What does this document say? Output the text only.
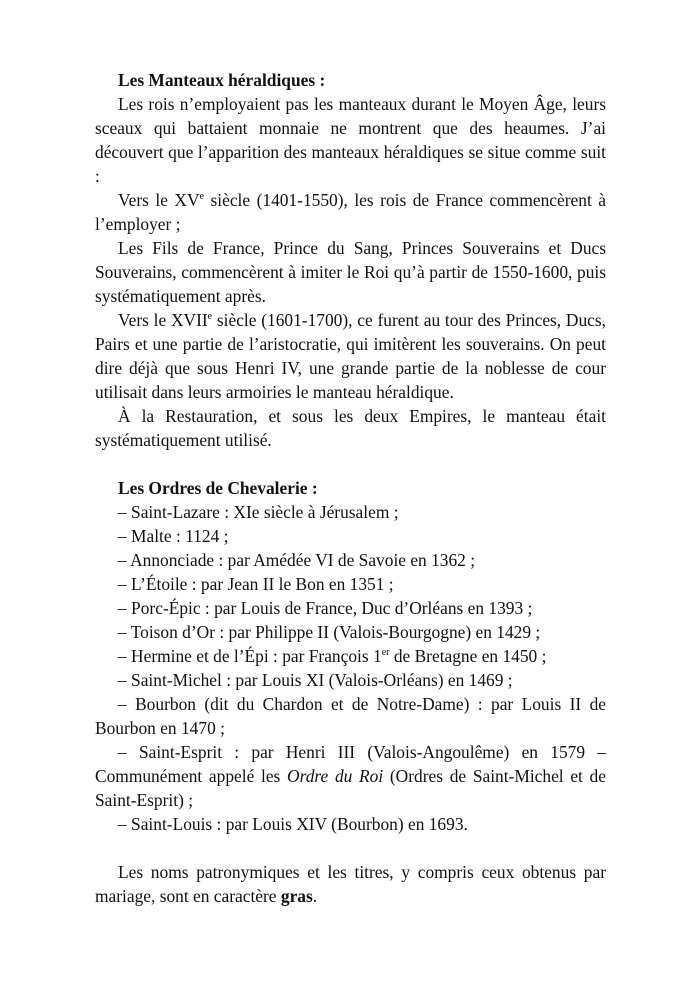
Les Manteaux héraldiques :

Les rois n’employaient pas les manteaux durant le Moyen Âge, leurs sceaux qui battaient monnaie ne montrent que des heaumes. J’ai découvert que l’apparition des manteaux héraldiques se situe comme suit :

Vers le XVe siècle (1401-1550), les rois de France commencèrent à l’employer ;

Les Fils de France, Prince du Sang, Princes Souverains et Ducs Souverains, commencèrent à imiter le Roi qu’à partir de 1550-1600, puis systématiquement après.

Vers le XVIIe siècle (1601-1700), ce furent au tour des Princes, Ducs, Pairs et une partie de l’aristocratie, qui imitèrent les souverains. On peut dire déjà que sous Henri IV, une grande partie de la noblesse de cour utilisait dans leurs armoiries le manteau héraldique.

À la Restauration, et sous les deux Empires, le manteau était systématiquement utilisé.

Les Ordres de Chevalerie :

– Saint-Lazare : XIe siècle à Jérusalem ;

– Malte : 1124 ;

– Annonciade : par Amédée VI de Savoie en 1362 ;

– L’Étoile : par Jean II le Bon en 1351 ;

– Porc-Épic : par Louis de France, Duc d’Orléans en 1393 ;

– Toison d’Or : par Philippe II (Valois-Bourgogne) en 1429 ;

– Hermine et de l’Épi : par François 1er de Bretagne en 1450 ;

– Saint-Michel : par Louis XI (Valois-Orléans) en 1469 ;

– Bourbon (dit du Chardon et de Notre-Dame) : par Louis II de Bourbon en 1470 ;

– Saint-Esprit : par Henri III (Valois-Angoulême) en 1579 – Communément appelé les Ordre du Roi (Ordres de Saint-Michel et de Saint-Esprit) ;

– Saint-Louis : par Louis XIV (Bourbon) en 1693.

Les noms patronymiques et les titres, y compris ceux obtenus par mariage, sont en caractère gras.
